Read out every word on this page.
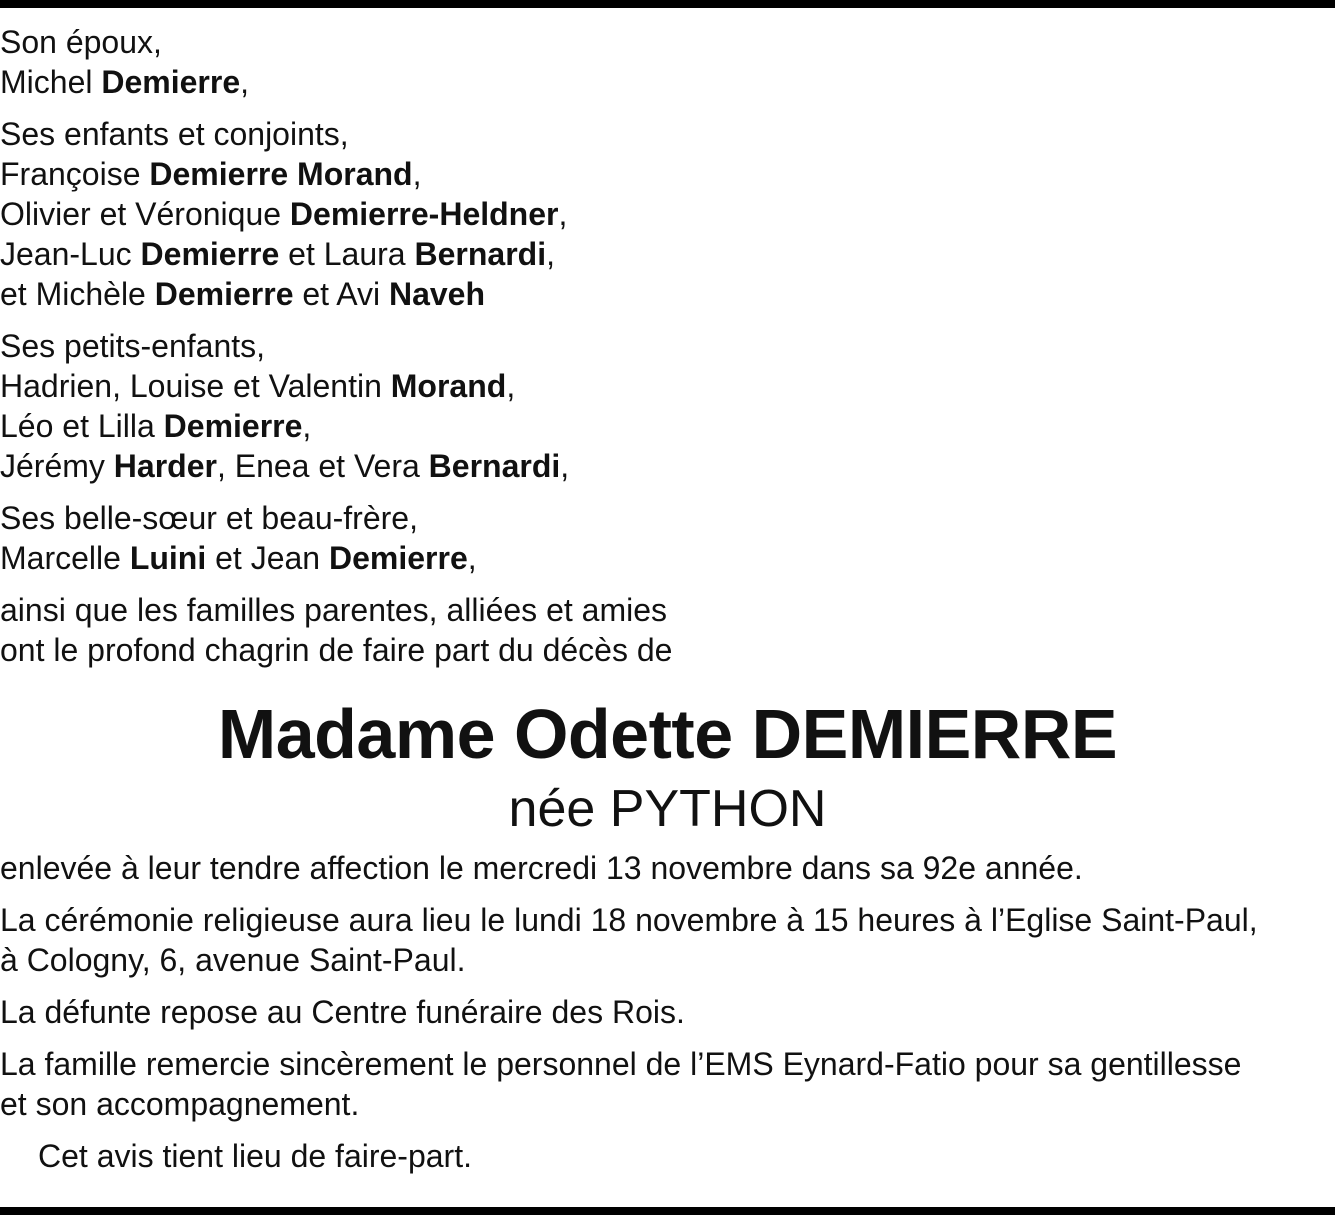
Son époux,
Michel Demierre,
Ses enfants et conjoints,
Françoise Demierre Morand,
Olivier et Véronique Demierre-Heldner,
Jean-Luc Demierre et Laura Bernardi,
et Michèle Demierre et Avi Naveh
Ses petits-enfants,
Hadrien, Louise et Valentin Morand,
Léo et Lilla Demierre,
Jérémy Harder, Enea et Vera Bernardi,
Ses belle-sœur et beau-frère,
Marcelle Luini et Jean Demierre,
ainsi que les familles parentes, alliées et amies
ont le profond chagrin de faire part du décès de
Madame Odette DEMIERRE
née PYTHON
enlevée à leur tendre affection le mercredi 13 novembre dans sa 92e année.
La cérémonie religieuse aura lieu le lundi 18 novembre à 15 heures à l’Eglise Saint-Paul,
à Cologny, 6, avenue Saint-Paul.
La défunte repose au Centre funéraire des Rois.
La famille remercie sincèrement le personnel de l’EMS Eynard-Fatio pour sa gentillesse
et son accompagnement.
Cet avis tient lieu de faire-part.
